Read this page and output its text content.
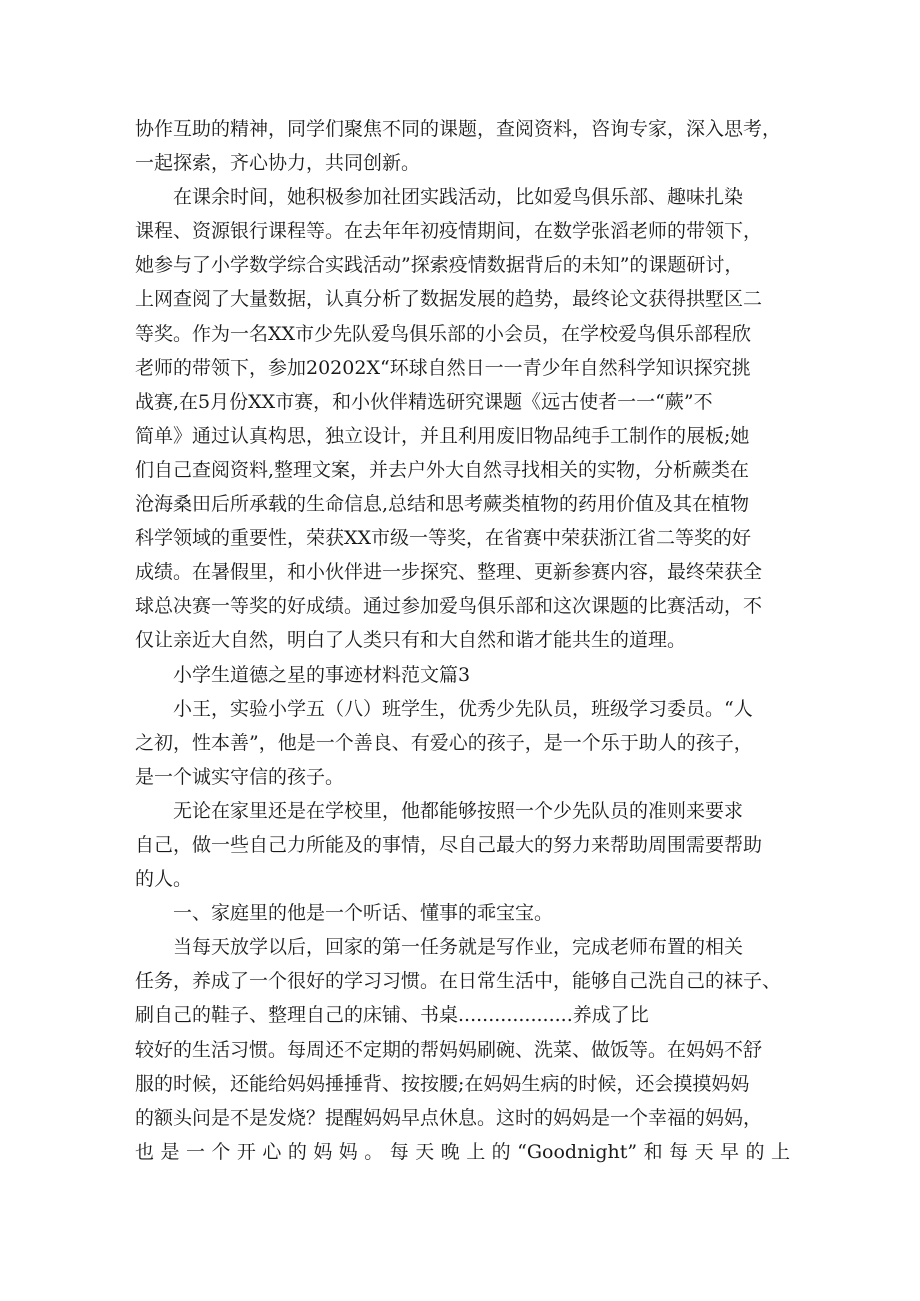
协作互助的精神，同学们聚焦不同的课题，查阅资料，咨询专家，深入思考，
一起探索，齐心协力，共同创新。
在课余时间，她积极参加社团实践活动，比如爱鸟俱乐部、趣味扎染
课程、资源银行课程等。在去年年初疫情期间，在数学张滔老师的带领下，
她参与了小学数学综合实践活动”探索疫情数据背后的未知”的课题研讨，
上网查阅了大量数据，认真分析了数据发展的趋势，最终论文获得拱墅区二
等奖。作为一名XX市少先队爱鸟俱乐部的小会员，在学校爱鸟俱乐部程欣
老师的带领下，参加20202X“环球自然日一一青少年自然科学知识探究挑
战赛,在5月份XX市赛，和小伙伴精选研究课题《远古使者一一“蕨”不
简单》通过认真构思，独立设计，并且利用废旧物品纯手工制作的展板;她
们自己查阅资料,整理文案，并去户外大自然寻找相关的实物，分析蕨类在
沧海桑田后所承载的生命信息,总结和思考蕨类植物的药用价值及其在植物
科学领域的重要性，荣获XX市级一等奖，在省赛中荣获浙江省二等奖的好
成绩。在暑假里，和小伙伴进一步探究、整理、更新参赛内容，最终荣获全
球总决赛一等奖的好成绩。通过参加爱鸟俱乐部和这次课题的比赛活动，不
仅让亲近大自然，明白了人类只有和大自然和谐才能共生的道理。
小学生道德之星的事迹材料范文篇3
小王，实验小学五（八）班学生，优秀少先队员，班级学习委员。“人
之初，性本善”，他是一个善良、有爱心的孩子，是一个乐于助人的孩子，
是一个诚实守信的孩子。
无论在家里还是在学校里，他都能够按照一个少先队员的准则来要求
自己，做一些自己力所能及的事情，尽自己最大的努力来帮助周围需要帮助
的人。
一、家庭里的他是一个听话、懂事的乖宝宝。
当每天放学以后，回家的第一任务就是写作业，完成老师布置的相关
任务，养成了一个很好的学习习惯。在日常生活中，能够自己洗自己的袜子、
刷自己的鞋子、整理自己的床铺、书桌...................养成了比
较好的生活习惯。每周还不定期的帮妈妈刷碗、洗菜、做饭等。在妈妈不舒
服的时候，还能给妈妈捶捶背、按按腰;在妈妈生病的时候，还会摸摸妈妈
的额头问是不是发烧？提醒妈妈早点休息。这时的妈妈是一个幸福的妈妈，
也是一个开心的妈妈。每天晚上的“Goodnight”和每天早的上
